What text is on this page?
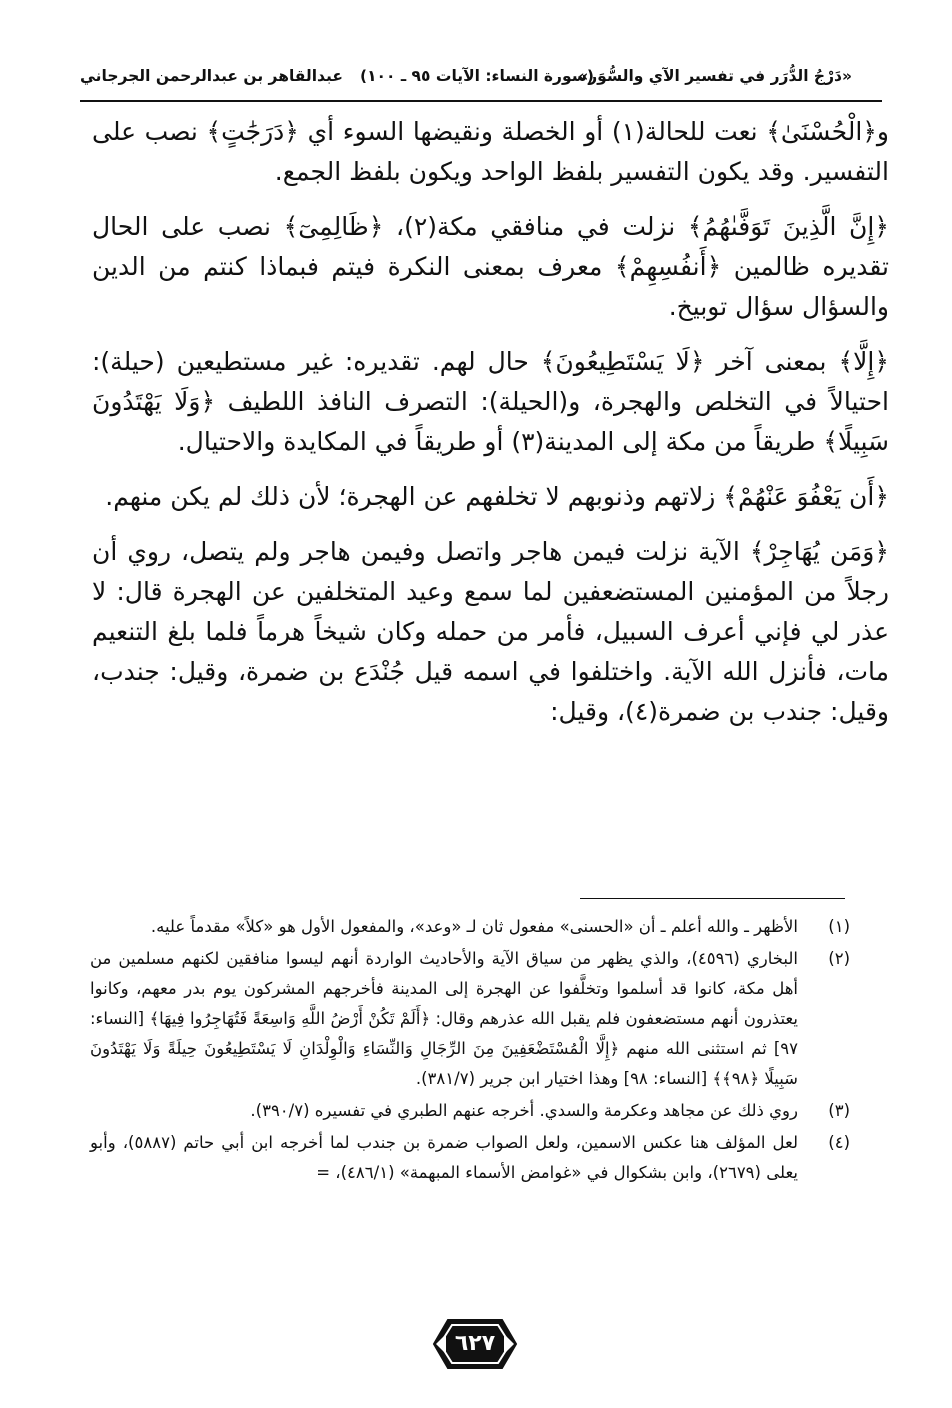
«دَرْجُ الدُّرَر في تفسير الآي والسُّوَر»
(سورة النساء: الآيات ٩٥ ـ ١٠٠)
عبدالقاهر بن عبدالرحمن الجرجاني

و﴿الْحُسْنَىٰ﴾ نعت للحالة(١) أو الخصلة ونقيضها السوء أي ﴿دَرَجَٰتٍ﴾ نصب على التفسير. وقد يكون التفسير بلفظ الواحد ويكون بلفظ الجمع.

﴿إِنَّ الَّذِينَ تَوَفَّىٰهُمُ﴾ نزلت في منافقي مكة(٢)، ﴿ظَالِمِىٓ﴾ نصب على الحال تقديره ظالمين ﴿أَنفُسِهِمْ﴾ معرف بمعنى النكرة فيتم فبماذا كنتم من الدين والسؤال سؤال توبيخ.

﴿إِلَّا﴾ بمعنى آخر ﴿لَا يَسْتَطِيعُونَ﴾ حال لهم. تقديره: غير مستطيعين (حيلة): احتيالاً في التخلص والهجرة، و(الحيلة): التصرف النافذ اللطيف ﴿وَلَا يَهْتَدُونَ سَبِيلًا﴾ طريقاً من مكة إلى المدينة(٣) أو طريقاً في المكايدة والاحتيال.

﴿أَن يَعْفُوَ عَنْهُمْ﴾ زلاتهم وذنوبهم لا تخلفهم عن الهجرة؛ لأن ذلك لم يكن منهم.

﴿وَمَن يُهَاجِرْ﴾ الآية نزلت فيمن هاجر واتصل وفيمن هاجر ولم يتصل، روي أن رجلاً من المؤمنين المستضعفين لما سمع وعيد المتخلفين عن الهجرة قال: لا عذر لي فإني أعرف السبيل، فأمر من حمله وكان شيخاً هرماً فلما بلغ التنعيم مات، فأنزل الله الآية. واختلفوا في اسمه قيل جُنْدَع بن ضمرة، وقيل: جندب، وقيل: جندب بن ضمرة(٤)، وقيل:

(١)
الأظهر ـ والله أعلم ـ أن «الحسنى» مفعول ثان لـ «وعد»، والمفعول الأول هو «كلاً» مقدماً عليه.
(٢)
البخاري (٤٥٩٦)، والذي يظهر من سياق الآية والأحاديث الواردة أنهم ليسوا منافقين لكنهم مسلمين من أهل مكة، كانوا قد أسلموا وتخلَّفوا عن الهجرة إلى المدينة فأخرجهم المشركون يوم بدر معهم، وكانوا يعتذرون أنهم مستضعفون فلم يقبل الله عذرهم وقال: ﴿أَلَمْ تَكُنْ أَرْضُ اللَّهِ وَاسِعَةً فَتُهَاجِرُوا فِيهَا﴾ [النساء: ٩٧] ثم استثنى الله منهم ﴿إِلَّا الْمُسْتَضْعَفِينَ مِنَ الرِّجَالِ وَالنِّسَاءِ وَالْوِلْدَانِ لَا يَسْتَطِيعُونَ حِيلَةً وَلَا يَهْتَدُونَ سَبِيلًا ﴿٩٨﴾﴾ [النساء: ٩٨] وهذا اختيار ابن جرير (٣٨١/٧).
(٣)
روي ذلك عن مجاهد وعكرمة والسدي. أخرجه عنهم الطبري في تفسيره (٣٩٠/٧).
(٤)
لعل المؤلف هنا عكس الاسمين، ولعل الصواب ضمرة بن جندب لما أخرجه ابن أبي حاتم (٥٨٨٧)، وأبو يعلى (٢٦٧٩)، وابن بشكوال في «غوامض الأسماء المبهمة» (٤٨٦/١)، =
٦٢٧
